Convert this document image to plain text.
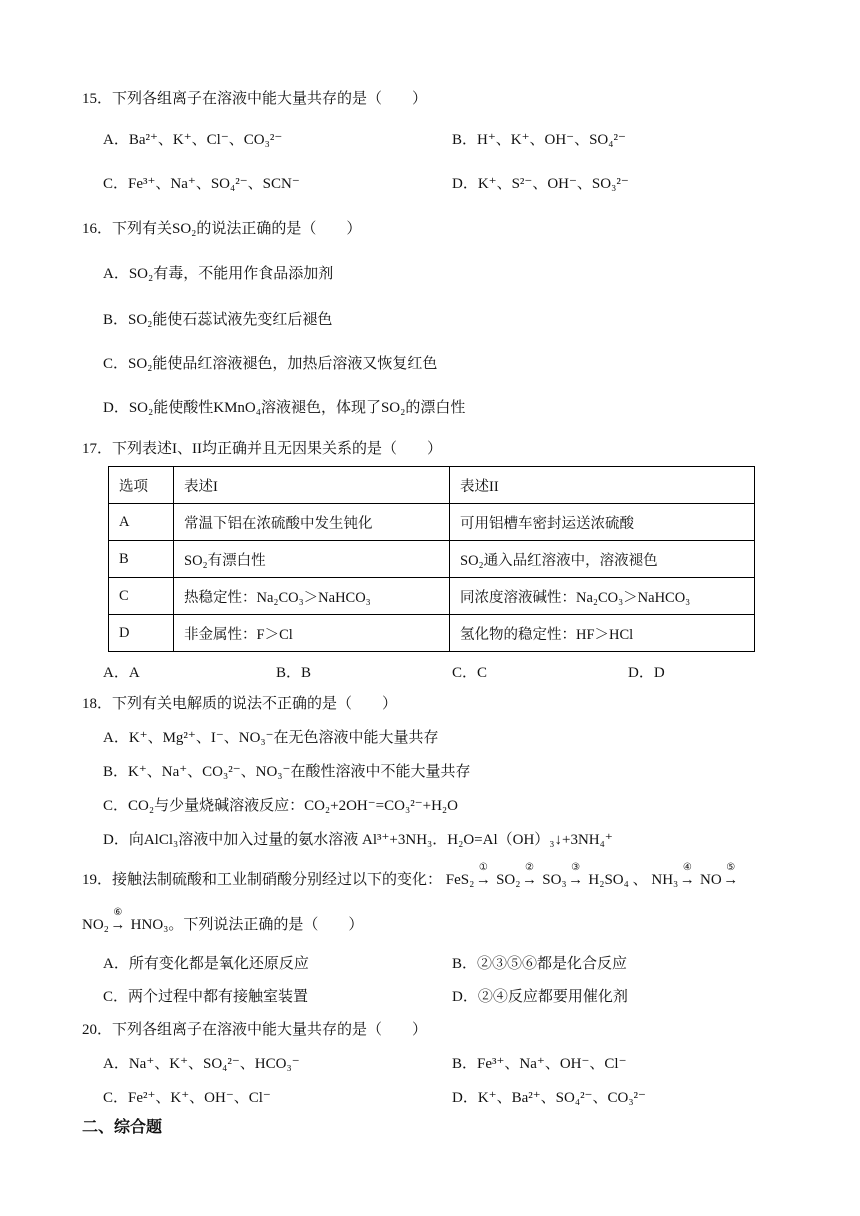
15．下列各组离子在溶液中能大量共存的是（　　）
A．Ba²⁺、K⁺、Cl⁻、CO₃²⁻	B．H⁺、K⁺、OH⁻、SO₄²⁻
C．Fe³⁺、Na⁺、SO₄²⁻、SCN⁻	D．K⁺、S²⁻、OH⁻、SO₃²⁻
16．下列有关SO₂的说法正确的是（　　）
A．SO₂有毒，不能用作食品添加剂
B．SO₂能使石蕊试液先变红后褪色
C．SO₂能使品红溶液褪色，加热后溶液又恢复红色
D．SO₂能使酸性KMnO₄溶液褪色，体现了SO₂的漂白性
17．下列表述I、II均正确并且无因果关系的是（　　）
选项	表述I	表述II
A	常温下铝在浓硫酸中发生钝化	可用铝槽车密封运送浓硫酸
B	SO₂有漂白性	SO₂通入品红溶液中，溶液褪色
C	热稳定性：Na₂CO₃＞NaHCO₃	同浓度溶液碱性：Na₂CO₃＞NaHCO₃
D	非金属性：F＞Cl	氢化物的稳定性：HF＞HCl
A．A	B．B	C．C	D．D
18．下列有关电解质的说法不正确的是（　　）
A．K⁺、Mg²⁺、I⁻、NO₃⁻在无色溶液中能大量共存
B．K⁺、Na⁺、CO₃²⁻、NO₃⁻在酸性溶液中不能大量共存
C．CO₂与少量烧碱溶液反应：CO₂+2OH⁻=CO₃²⁻+H₂O
D．向AlCl₃溶液中加入过量的氨水溶液 Al³⁺+3NH₃．H₂O=Al（OH）₃↓+3NH₄⁺
19．接触法制硫酸和工业制硝酸分别经过以下的变化： FeS₂
①
→ SO₂
②
→ SO₃
③
→ H₂SO₄ 、 NH₃
④
→ NO
⑤
→
NO₂
⑥
→ HNO₃。下列说法正确的是（　　）
A．所有变化都是氧化还原反应	B．②③⑤⑥都是化合反应
C．两个过程中都有接触室装置	D．②④反应都要用催化剂
20．下列各组离子在溶液中能大量共存的是（　　）
A．Na⁺、K⁺、SO₄²⁻、HCO₃⁻	B．Fe³⁺、Na⁺、OH⁻、Cl⁻
C．Fe²⁺、K⁺、OH⁻、Cl⁻	D．K⁺、Ba²⁺、SO₄²⁻、CO₃²⁻
二、综合题
